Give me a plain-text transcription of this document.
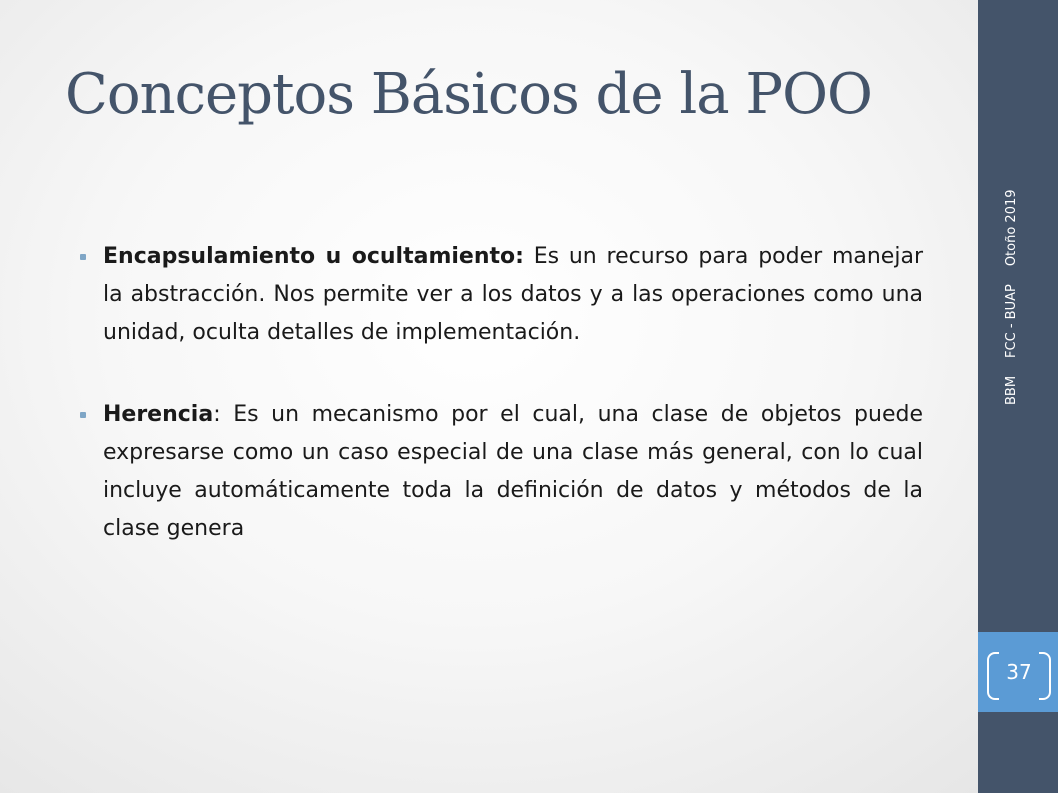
Conceptos Básicos de la POO
Encapsulamiento u ocultamiento: Es un recurso para poder manejar la abstracción. Nos permite ver a los datos y a las operaciones como una unidad, oculta detalles de implementación.
Herencia: Es un mecanismo por el cual, una clase de objetos puede expresarse como un caso especial de una clase más general, con lo cual incluye automáticamente toda la definición de datos y métodos de la clase genera
BBM
FCC - BUAP
Otoño 2019
37
